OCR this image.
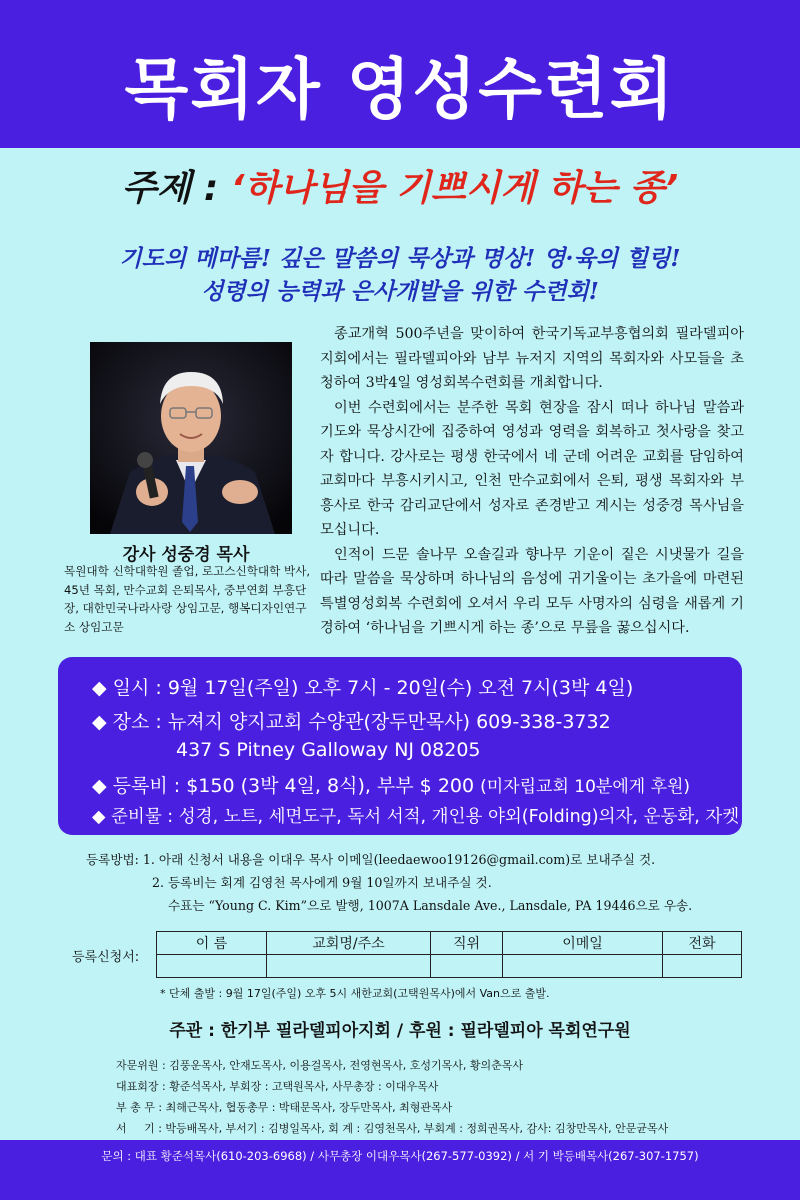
목회자 영성수련회
주제 : ‘하나님을 기쁘시게 하는 종’
기도의 메마름! 깊은 말씀의 묵상과 명상! 영·육의 힐링!
성령의 능력과 은사개발을 위한 수련회!
강사 성중경 목사
목원대학 신학대학원 졸업, 로고스신학대학 박사, 45년 목회, 만수교회 은퇴목사, 중부연회 부흥단장, 대한민국나라사랑 상임고문, 행복디자인연구소 상임고문

종교개혁 500주년을 맞이하여 한국기독교부흥협의회 필라델피아 지회에서는 필라델피아와 남부 뉴저지 지역의 목회자와 사모들을 초청하여 3박4일 영성회복수련회를 개최합니다.

이번 수련회에서는 분주한 목회 현장을 잠시 떠나 하나님 말씀과 기도와 묵상시간에 집중하여 영성과 영력을 회복하고 첫사랑을 찾고자 합니다. 강사로는 평생 한국에서 네 군데 어려운 교회를 담임하여 교회마다 부흥시키시고, 인천 만수교회에서 은퇴, 평생 목회자와 부흥사로 한국 감리교단에서 성자로 존경받고 계시는 성중경 목사님을 모십니다.

인적이 드문 솔나무 오솔길과 향나무 기운이 짙은 시냇물가 길을 따라 말씀을 묵상하며 하나님의 음성에 귀기울이는 초가을에 마련된 특별영성회복 수련회에 오셔서 우리 모두 사명자의 심령을 새롭게 기경하여 ‘하나님을 기쁘시게 하는 종’으로 무릎을 꿇으십시다.

◆ 일시 : 9월 17일(주일) 오후 7시 - 20일(수) 오전 7시(3박 4일)
◆ 장소 : 뉴져지 양지교회 수양관(장두만목사) 609-338-3732
437 S Pitney Galloway NJ 08205
◆ 등록비 : $150 (3박 4일, 8식), 부부 $ 200 (미자립교회 10분에게 후원)
◆ 준비물 : 성경, 노트, 세면도구, 독서 서적, 개인용 야외(Folding)의자, 운동화, 자켓
등록방법: 1. 아래 신청서 내용을 이대우 목사 이메일(leedaewoo19126@gmail.com)로 보내주실 것.
2. 등록비는 회계 김영천 목사에게 9월 10일까지 보내주실 것.
수표는 “Young C. Kim”으로 발행, 1007A Lansdale Ave., Lansdale, PA 19446으로 우송.
등록신청서:
이 름	교회명/주소	직위	이메일	전화

* 단체 출발 : 9월 17일(주일) 오후 5시 새한교회(고택원목사)에서 Van으로 출발.
주관 : 한기부 필라델피아지회 / 후원 : 필라델피아 목회연구원
자문위원 : 김풍운목사, 안재도목사, 이용걸목사, 전영현목사, 호성기목사, 황의춘목사
대표회장 : 황준석목사, 부회장 : 고택원목사, 사무총장 : 이대우목사
부 총 무 : 최해근목사, 협동총무 : 박태문목사, 장두만목사, 최형관목사
서     기 : 박등배목사, 부서기 : 김병일목사, 회 계 : 김영천목사, 부회계 : 정희권목사, 감사: 김창만목사, 안문균목사
문의 : 대표 황준석목사(610-203-6968) / 사무총장 이대우목사(267-577-0392) / 서 기 박등배목사(267-307-1757)
